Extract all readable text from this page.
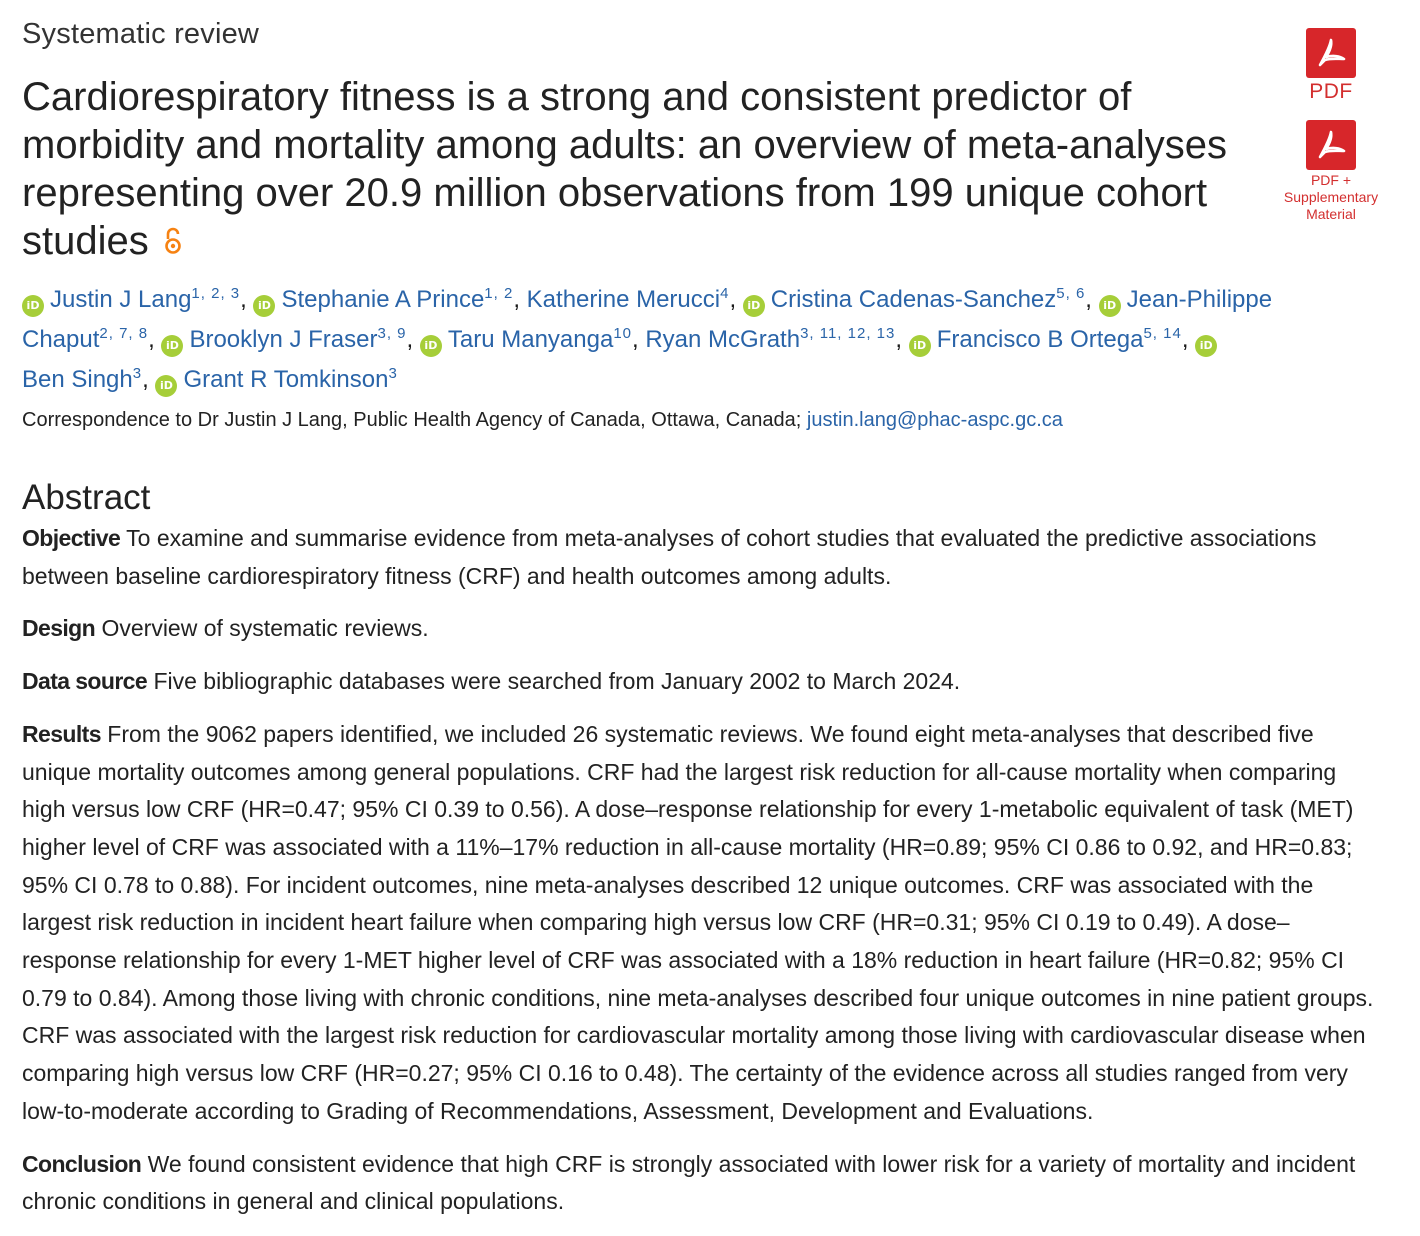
Systematic review
Cardiorespiratory fitness is a strong and consistent predictor of morbidity and mortality among adults: an overview of meta-analyses representing over 20.9 million observations from 199 unique cohort studies
iD Justin J Lang$^{1, 2, 3}$, iD Stephanie A Prince$^{1, 2}$, Katherine Merucci$^4$, iD Cristina Cadenas-Sanchez$^{5, 6}$, iD Jean-Philippe Chaput$^{2, 7, 8}$, iD Brooklyn J Fraser$^{3, 9}$, iD Taru Manyanga$^{10}$, Ryan McGrath$^{3, 11, 12, 13}$, iD Francisco B Ortega$^{5, 14}$, iD
Ben Singh$^3$, iD Grant R Tomkinson$^3$
Correspondence to Dr Justin J Lang, Public Health Agency of Canada, Ottawa, Canada; justin.lang@phac-aspc.gc.ca
Abstract

Objective To examine and summarise evidence from meta-analyses of cohort studies that evaluated the predictive associations between baseline cardiorespiratory fitness (CRF) and health outcomes among adults.

Design Overview of systematic reviews.

Data source Five bibliographic databases were searched from January 2002 to March 2024.

Results From the 9062 papers identified, we included 26 systematic reviews. We found eight meta-analyses that described five unique mortality outcomes among general populations. CRF had the largest risk reduction for all-cause mortality when comparing high versus low CRF (HR=0.47; 95% CI 0.39 to 0.56). A dose–response relationship for every 1-metabolic equivalent of task (MET) higher level of CRF was associated with a 11%–17% reduction in all-cause mortality (HR=0.89; 95% CI 0.86 to 0.92, and HR=0.83; 95% CI 0.78 to 0.88). For incident outcomes, nine meta-analyses described 12 unique outcomes. CRF was associated with the largest risk reduction in incident heart failure when comparing high versus low CRF (HR=0.31; 95% CI 0.19 to 0.49). A dose–response relationship for every 1-MET higher level of CRF was associated with a 18% reduction in heart failure (HR=0.82; 95% CI 0.79 to 0.84). Among those living with chronic conditions, nine meta-analyses described four unique outcomes in nine patient groups. CRF was associated with the largest risk reduction for cardiovascular mortality among those living with cardiovascular disease when comparing high versus low CRF (HR=0.27; 95% CI 0.16 to 0.48). The certainty of the evidence across all studies ranged from very low-to-moderate according to Grading of Recommendations, Assessment, Development and Evaluations.

Conclusion We found consistent evidence that high CRF is strongly associated with lower risk for a variety of mortality and incident chronic conditions in general and clinical populations.

PDF
PDF +
Supplementary
Material
